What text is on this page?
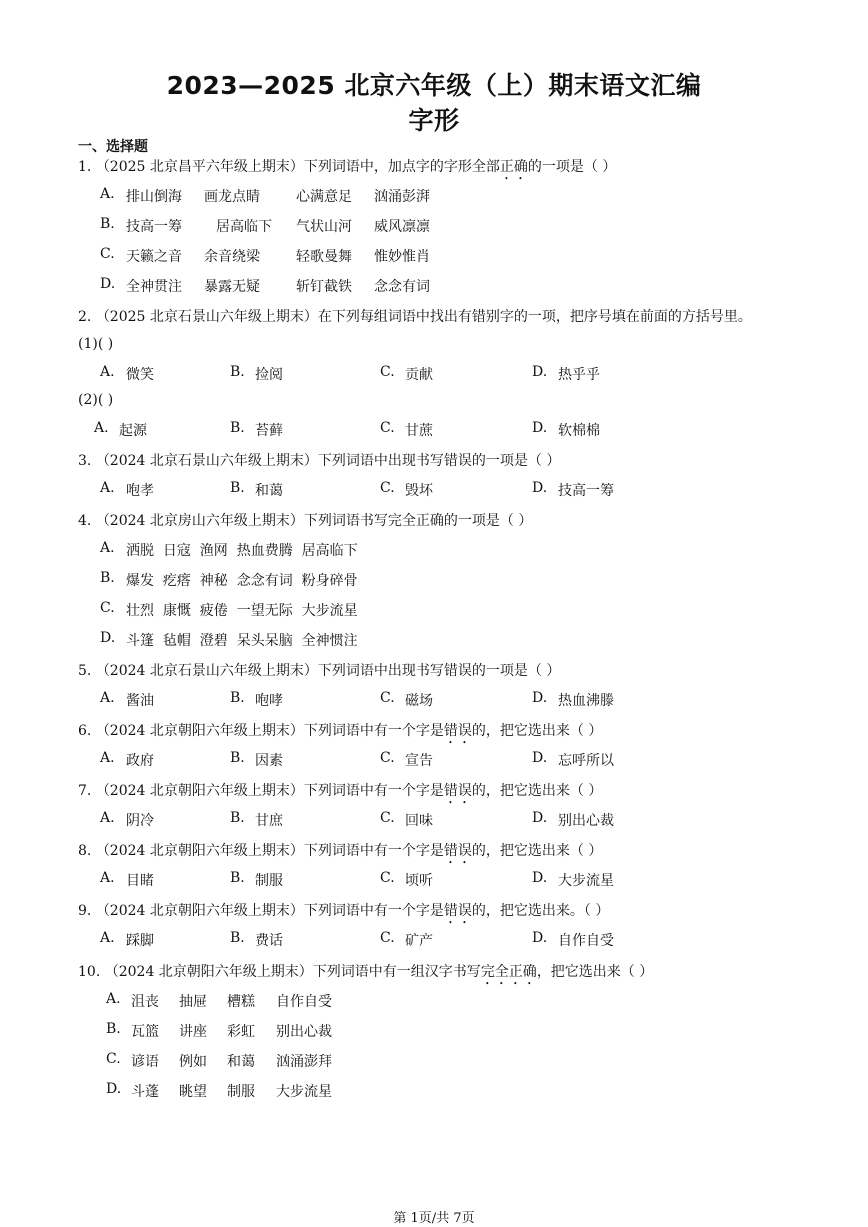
2023—2025 北京六年级（上）期末语文汇编
字形
一、选择题
1. （2025 北京昌平六年级上期末）下列词语中，加点字的字形全部正确的一项是（ ）
A. 排山倒海 画龙点睛	心满意足 汹涌彭湃
B. 技高一筹 居高临下 气状山河 威风凛凛
C. 天籁之音 余音绕梁	轻歌曼舞 惟妙惟肖
D. 全神贯注 暴露无疑	斩钉截铁 念念有词
2. （2025 北京石景山六年级上期末）在下列每组词语中找出有错别字的一项，把序号填在前面的方括号里。
(1)( )
A. 微笑	B. 捡阅	C. 贡献	D. 热乎乎
(2)( )
A. 起源	B. 苔藓	C. 甘蔗	D. 软棉棉
3. （2024 北京石景山六年级上期末）下列词语中出现书写错误的一项是（ ）
A. 咆孝	B. 和蔼	C. 毁坏	D. 技高一筹
4. （2024 北京房山六年级上期末）下列词语书写完全正确的一项是（ ）
A. 洒脱  日寇  渔网  热血费腾  居高临下
B. 爆发  疙瘩  神秘  念念有词  粉身碎骨
C. 壮烈  康慨  疲倦  一望无际  大步流星
D. 斗篷  毡帽  澄碧  呆头呆脑  全神惯注
5. （2024 北京石景山六年级上期末）下列词语中出现书写错误的一项是（ ）
A. 酱油	B. 咆哮	C. 磁场	D. 热血沸滕
6. （2024 北京朝阳六年级上期末）下列词语中有一个字是错误的，把它选出来（ ）
A. 政府	B. 因素	C. 宣告	D. 忘呼所以
7. （2024 北京朝阳六年级上期末）下列词语中有一个字是错误的，把它选出来（ ）
A. 阴冷	B. 甘庶	C. 回味	D. 别出心裁
8. （2024 北京朝阳六年级上期末）下列词语中有一个字是错误的，把它选出来（ ）
A. 目睹	B. 制服	C. 顷听	D. 大步流星
9. （2024 北京朝阳六年级上期末）下列词语中有一个字是错误的，把它选出来。（ ）
A. 踩脚	B. 费话	C. 矿产	D. 自作自受
10. （2024 北京朝阳六年级上期末）下列词语中有一组汉字书写完全正确，把它选出来（ ）
A. 沮丧 抽屉 槽糕 自作自受
B. 瓦篮 讲座 彩虹 别出心裁
C. 谚语 例如 和蔼 汹涌澎拜
D. 斗蓬 眺望 制服 大步流星
第 1页/共 7页
